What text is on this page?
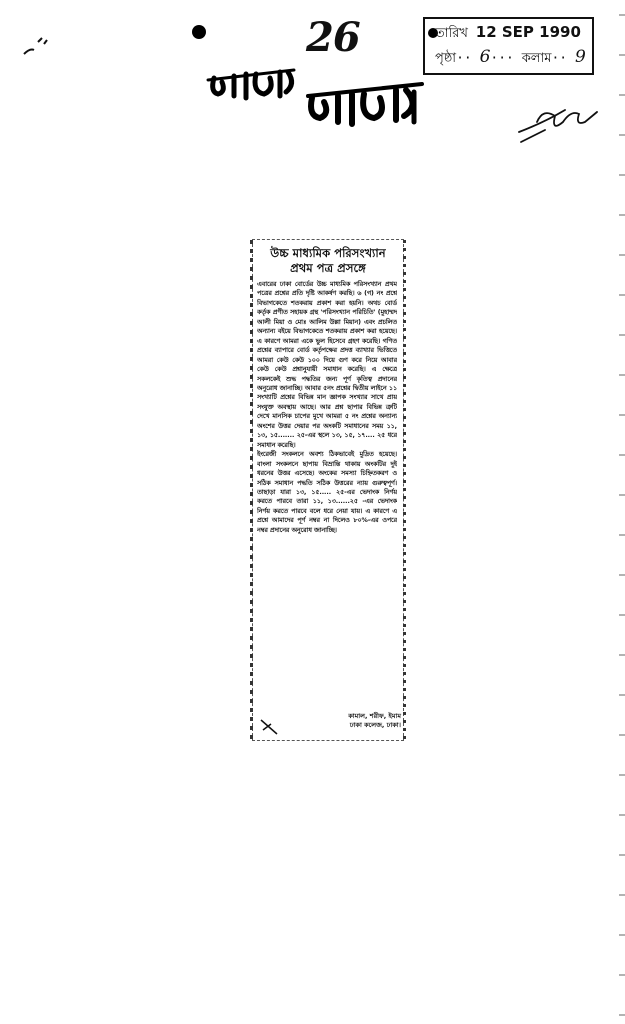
26	তারিখ 12 SEP 1990
পৃষ্ঠা·· 6··· কলাম·· 9
উচ্চ মাধ্যমিক পরিসংখ্যান
প্রথম পত্র প্রসঙ্গে

এবারের ঢাকা বোর্ডের উচ্চ মাধ্যমিক পরিসংখ্যান প্রথম পত্রের প্রশ্নের প্রতি দৃষ্টি আকর্ষণ করছি। ৬ (গ) নং প্রশ্নে বিভাগকেতে শতকরায় প্রকাশ করা হয়নি। অথচ বোর্ড কর্তৃক প্রণীত সহায়ক গ্রন্থ 'পরিসংখ্যান পরিচিতি' (মুহাম্মদ আলী মিয়া ও মোঃ আলিম উল্লা মিয়ান) এবং প্রচলিত অন্যান্য বইয়ে বিভাগকেতে শতকরায় প্রকাশ করা হয়েছে। এ কারণে আমরা একে ভুল হিসেবে গ্রহণ করেছি। গণিত প্রশ্নের ব্যাপারে বোর্ড কর্তৃপক্ষের প্রদত্ত ব্যাখ্যার ভিত্তিতে আমরা কেউ কেউ ১০০ দিয়ে গুণ করে নিয়ে আবার কেউ কেউ প্রশ্নানুযায়ী সমাধান করেছি। এ ক্ষেত্রে সকলকেই শুদ্ধ পদ্ধতির জন্য পূর্ণ কৃতিত্ব প্রদানের অনুরোধ জানাচ্ছি। আবার ৫নং প্রশ্নের দ্বিতীয় লাইনে ১১ সংখ্যাটি প্রশ্নের বিভিন্ন মান জ্ঞাপক সংখ্যার সাথে প্রায় সংযুক্ত অবস্থায় আছে। আর প্রশ্ন ছাপার বিভিন্ন ত্রুটি দেখে মানসিক চাপের মুখে আমরা ৫ নং প্রশ্নের অন্যান্য অংশের উত্তর দেয়ার পর অংকটি সমাধানের সময় ১১, ১৩, ১৫....... ২৫-এর স্থলে ১৩, ১৫, ১৭.... ২৫ ধরে সমাধান করেছি।

ইংরেজী সংকলনে অবশ্য ঠিকভাবেই মুদ্রিত হয়েছে। বাংলা সংকলনে ছাপায় বিভ্রান্তি থাকায় অংকটির দুই ধরনের উত্তর এসেছে। অংকের সমস্যা চিহ্নিতকরণ ও সঠিক সমাধান পদ্ধতি সঠিক উত্তরের ন্যায় গুরুত্বপূর্ণ। তাছাড়া যারা ১৩, ১৫..... ২৫-এর ভেদাংক নির্ণয় করতে পারবে তারা ১১, ১৩......২৫ -এর ভেদাংক নির্ণয় করতে পারবে বলে ধরে নেয়া যায়। এ কারণে এ প্রশ্নে আমাদের পূর্ণ নম্বর না দিলেও ৮০%-এর ওপরে নম্বর প্রদানের অনুরোধ জানাচ্ছি।

কামাল, শরীফ, ইমাম
ঢাকা কলেজ, ঢাকা।
